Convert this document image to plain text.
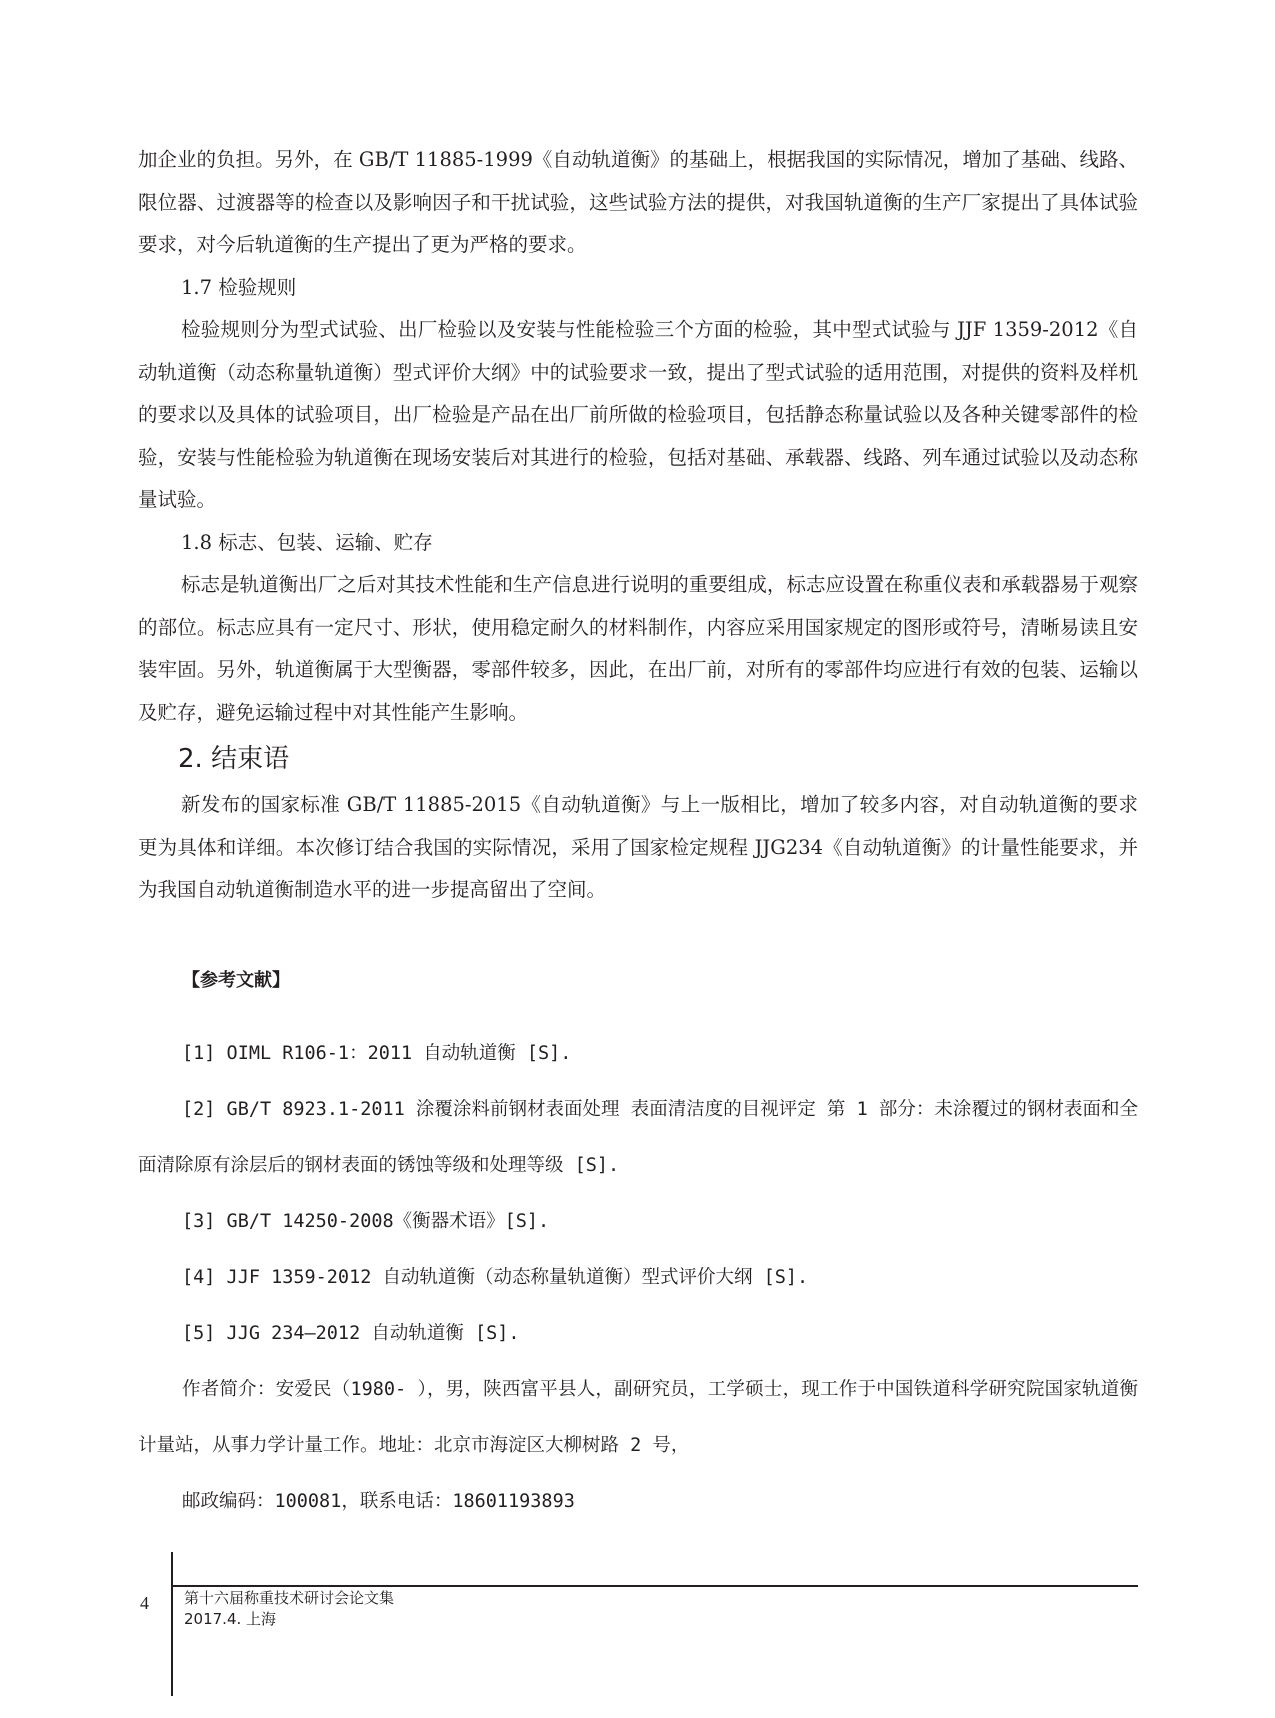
加企业的负担。另外，在 GB/T 11885-1999《自动轨道衡》的基础上，根据我国的实际情况，增加了基础、线路、限位器、过渡器等的检查以及影响因子和干扰试验，这些试验方法的提供，对我国轨道衡的生产厂家提出了具体试验要求，对今后轨道衡的生产提出了更为严格的要求。

1.7 检验规则

检验规则分为型式试验、出厂检验以及安装与性能检验三个方面的检验，其中型式试验与 JJF 1359-2012《自动轨道衡（动态称量轨道衡）型式评价大纲》中的试验要求一致，提出了型式试验的适用范围，对提供的资料及样机的要求以及具体的试验项目，出厂检验是产品在出厂前所做的检验项目，包括静态称量试验以及各种关键零部件的检验，安装与性能检验为轨道衡在现场安装后对其进行的检验，包括对基础、承载器、线路、列车通过试验以及动态称量试验。

1.8 标志、包装、运输、贮存

标志是轨道衡出厂之后对其技术性能和生产信息进行说明的重要组成，标志应设置在称重仪表和承载器易于观察的部位。标志应具有一定尺寸、形状，使用稳定耐久的材料制作，内容应采用国家规定的图形或符号，清晰易读且安装牢固。另外，轨道衡属于大型衡器，零部件较多，因此，在出厂前，对所有的零部件均应进行有效的包装、运输以及贮存，避免运输过程中对其性能产生影响。

2. 结束语

新发布的国家标准 GB/T 11885-2015《自动轨道衡》与上一版相比，增加了较多内容，对自动轨道衡的要求更为具体和详细。本次修订结合我国的实际情况，采用了国家检定规程 JJG234《自动轨道衡》的计量性能要求，并为我国自动轨道衡制造水平的进一步提高留出了空间。

【参考文献】

[1] OIML R106-1：2011 自动轨道衡 [S].

[2] GB/T 8923.1-2011 涂覆涂料前钢材表面处理 表面清洁度的目视评定 第 1 部分：未涂覆过的钢材表面和全面清除原有涂层后的钢材表面的锈蚀等级和处理等级 [S].

[3] GB/T 14250-2008《衡器术语》[S].

[4] JJF 1359-2012 自动轨道衡（动态称量轨道衡）型式评价大纲 [S].

[5] JJG 234—2012 自动轨道衡 [S].

作者简介：安爱民（1980- ），男，陕西富平县人，副研究员，工学硕士，现工作于中国铁道科学研究院国家轨道衡计量站，从事力学计量工作。地址：北京市海淀区大柳树路 2 号，

邮政编码：100081，联系电话：18601193893

4 第十六届称重技术研讨会论文集
2017.4. 上海
